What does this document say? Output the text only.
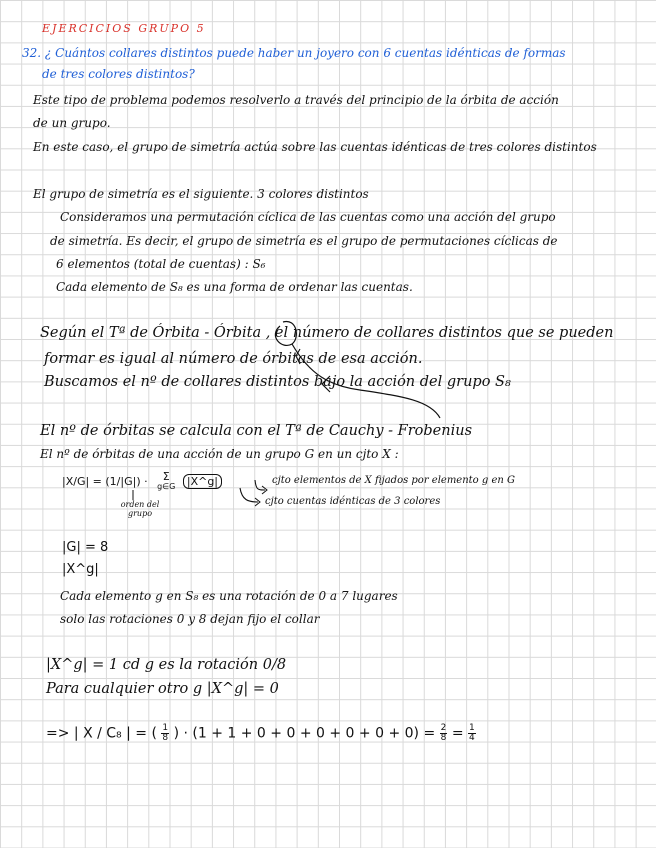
EJERCICIOS GRUPO 5
32. ¿ Cuántos collares distintos puede haber un joyero con 6 cuentas idénticas de formas
de tres colores distintos?
Este tipo de problema podemos resolverlo a través del principio de la órbita de acción
de un grupo.
En este caso, el grupo de simetría actúa sobre las cuentas idénticas de tres colores distintos
El grupo de simetría es el siguiente. 3 colores distintos
Consideramos una permutación cíclica de las cuentas como una acción del grupo
de simetría. Es decir, el grupo de simetría es el grupo de permutaciones cíclicas de
6 elementos (total de cuentas) : S₆
Cada elemento de S₈ es una forma de ordenar las cuentas.
Según el Tª de Órbita - Órbita , el número de collares distintos que se pueden
formar es igual al número de órbitas de esa acción.
Buscamos el nº de collares distintos bajo la acción del grupo S₈
El nº de órbitas se calcula con el Tª de Cauchy - Frobenius
El nº de órbitas de una acción de un grupo G en un cjto X :
|X/G| = (1/|G|) ·	Σ
g∈G |X^g|	cjto elementos de X fijados por elemento g en G
cjto cuentas idénticas de 3 colores
orden del grupo
|G| = 8
|X^g|
Cada elemento g en S₈ es una rotación de 0 a 7 lugares
solo las rotaciones 0 y 8 dejan fijo el collar
|X^g| = 1 cd g es la rotación 0/8
Para cualquier otro g |X^g| = 0
=> | X / C₈ | = ( $\frac{1}{8}$ ) · $(1 + 1 + 0 + 0 + 0 + 0 + 0 + 0) = \frac{2}{8} = \frac{1}{4}$
